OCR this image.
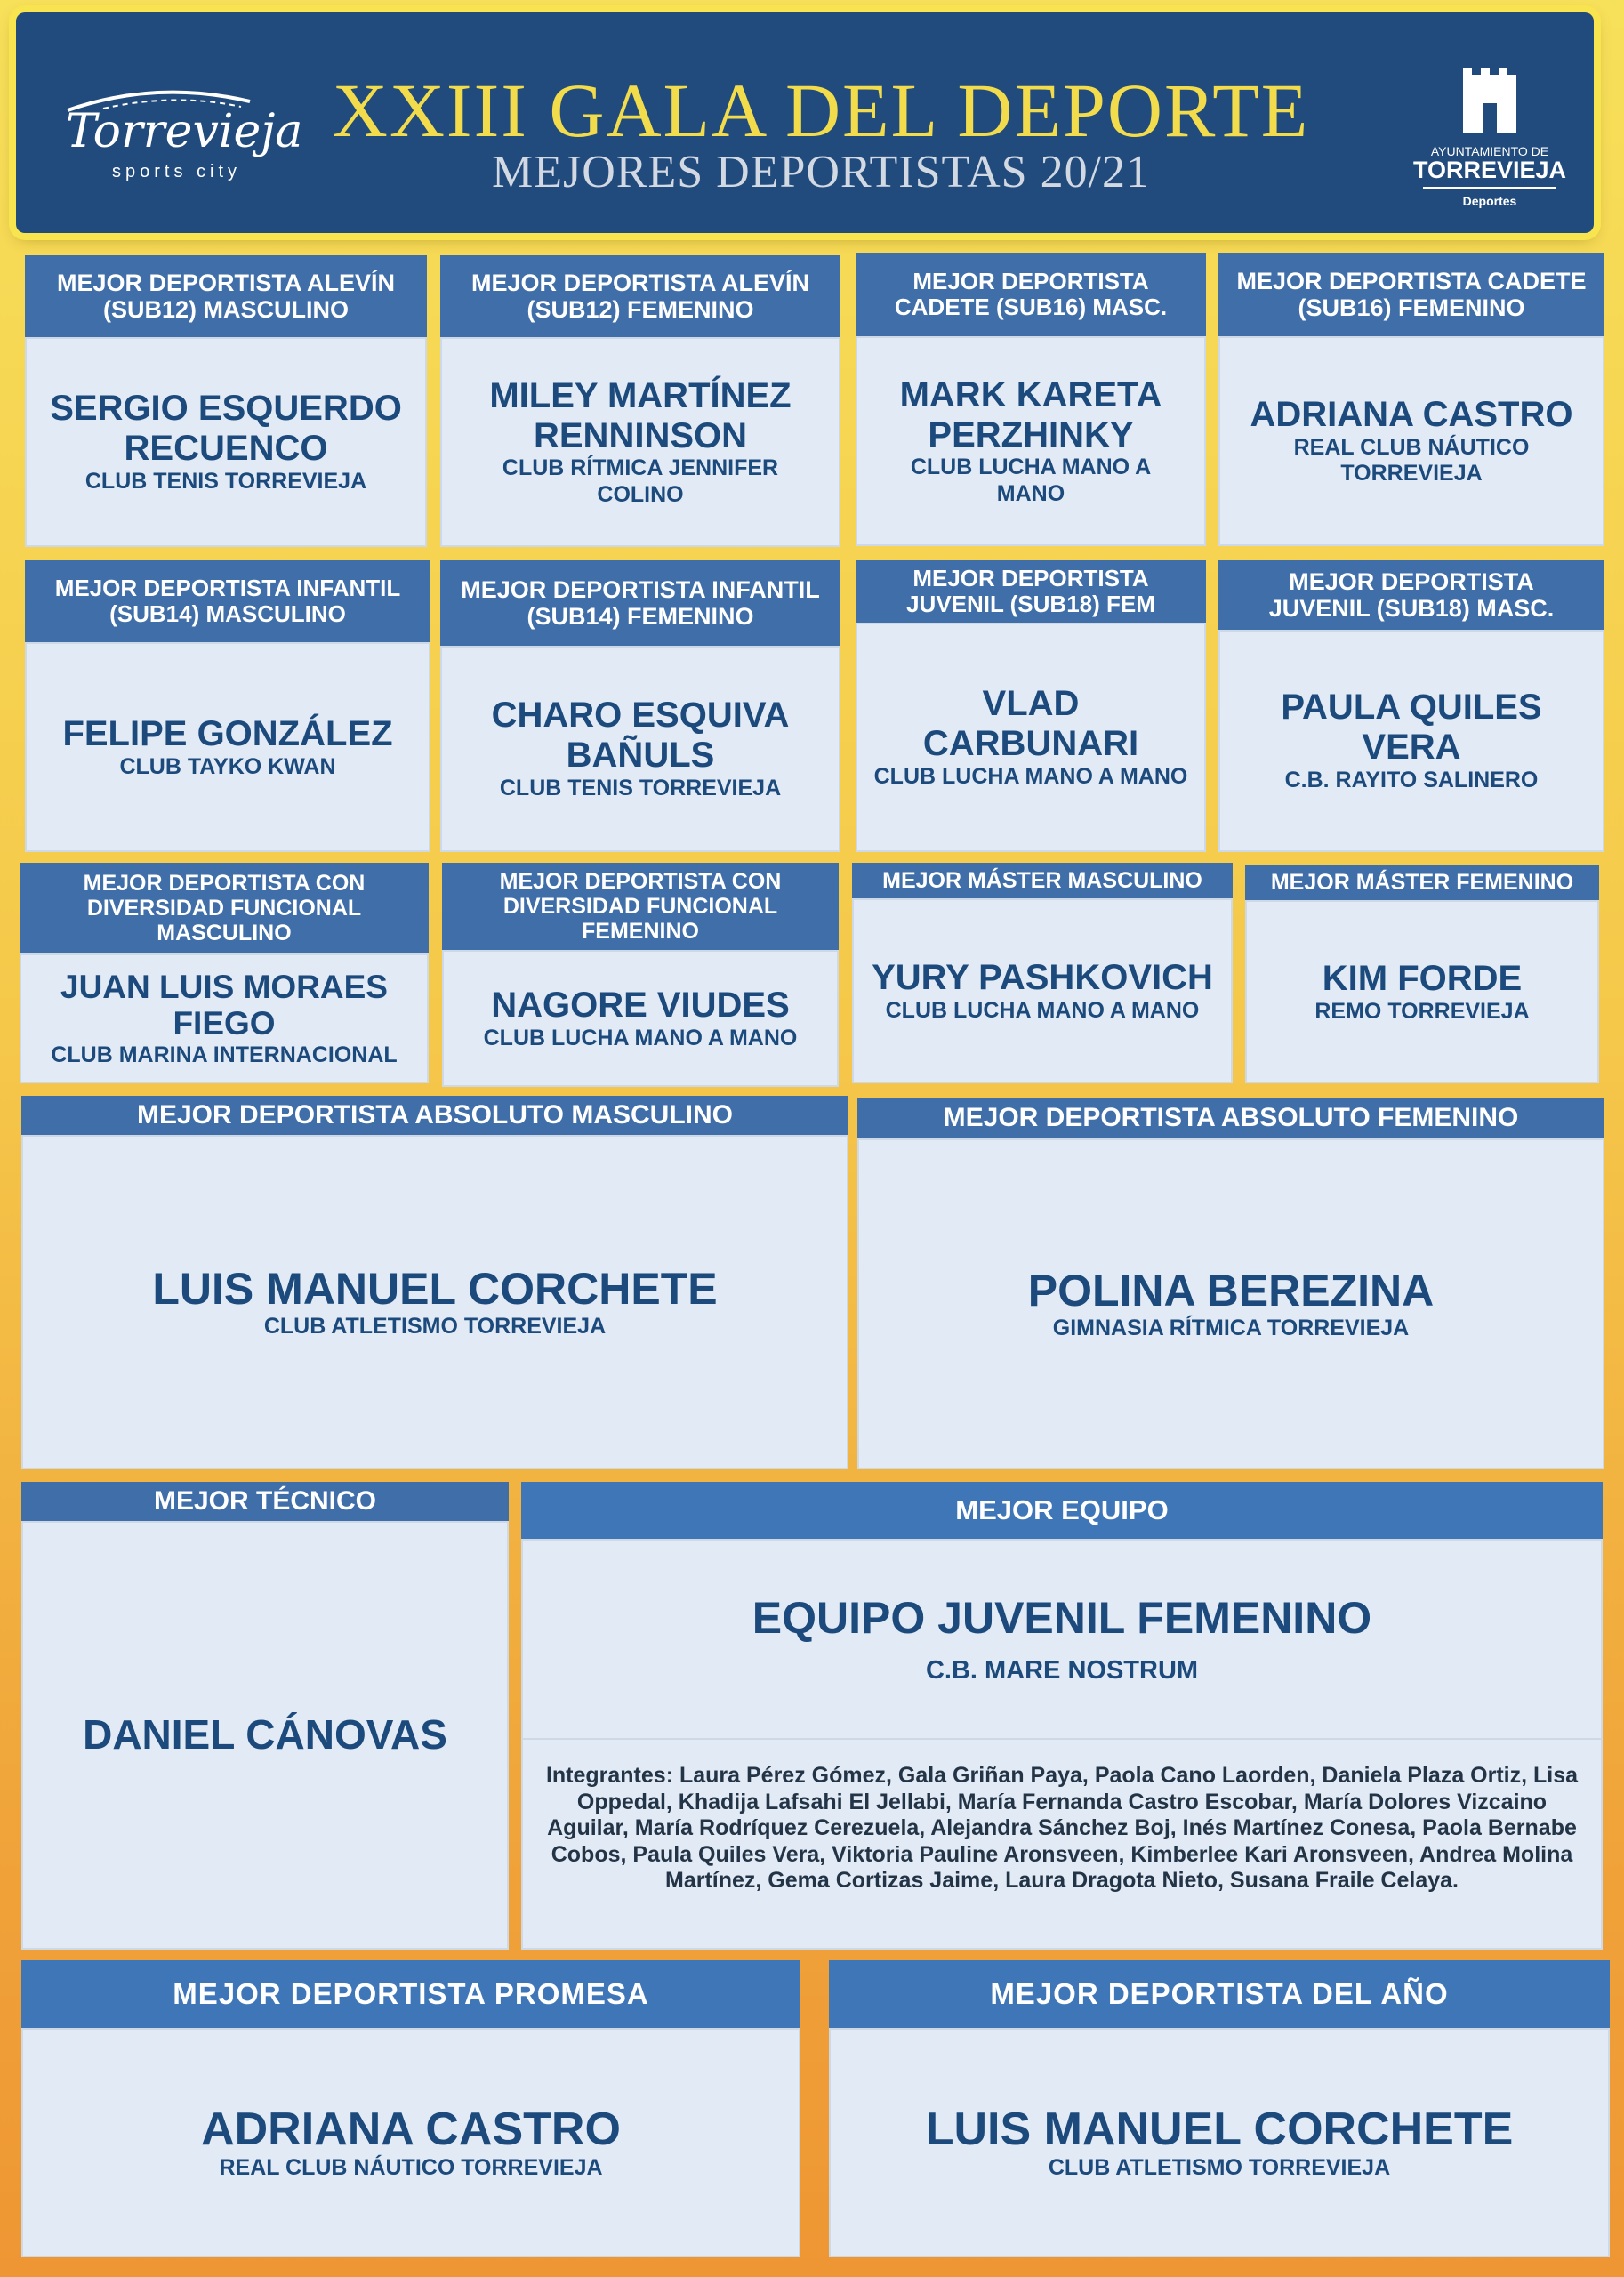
Torrevieja
sports city
XXIII GALA DEL DEPORTE
MEJORES DEPORTISTAS 20/21	AYUNTAMIENTO DE
TORREVIEJA
Deportes
MEJOR DEPORTISTA ALEVÍN (SUB12) MASCULINO
SERGIO ESQUERDO RECUENCO
CLUB TENIS TORREVIEJA
MEJOR DEPORTISTA ALEVÍN (SUB12) FEMENINO
MILEY MARTÍNEZ RENNINSON
CLUB RÍTMICA JENNIFER COLINO
MEJOR DEPORTISTA CADETE (SUB16) MASC.
MARK KARETA PERZHINKY
CLUB LUCHA MANO A MANO
MEJOR DEPORTISTA CADETE (SUB16) FEMENINO
ADRIANA CASTRO
REAL CLUB NÁUTICO TORREVIEJA
MEJOR DEPORTISTA INFANTIL (SUB14) MASCULINO
FELIPE GONZÁLEZ
CLUB TAYKO KWAN
MEJOR DEPORTISTA INFANTIL (SUB14) FEMENINO
CHARO ESQUIVA BAÑULS
CLUB TENIS TORREVIEJA
MEJOR DEPORTISTA JUVENIL (SUB18) FEM
VLAD CARBUNARI
CLUB LUCHA MANO A MANO
MEJOR DEPORTISTA JUVENIL (SUB18) MASC.
PAULA QUILES VERA
C.B. RAYITO SALINERO
MEJOR DEPORTISTA CON DIVERSIDAD FUNCIONAL MASCULINO
JUAN LUIS MORAES FIEGO
CLUB MARINA INTERNACIONAL
MEJOR DEPORTISTA CON DIVERSIDAD FUNCIONAL FEMENINO
NAGORE VIUDES
CLUB LUCHA MANO A MANO
MEJOR MÁSTER MASCULINO
YURY PASHKOVICH
CLUB LUCHA MANO A MANO
MEJOR MÁSTER FEMENINO
KIM FORDE
REMO TORREVIEJA
MEJOR DEPORTISTA ABSOLUTO MASCULINO
LUIS MANUEL CORCHETE
CLUB ATLETISMO TORREVIEJA
MEJOR DEPORTISTA ABSOLUTO FEMENINO
POLINA BEREZINA
GIMNASIA RÍTMICA TORREVIEJA
MEJOR TÉCNICO
DANIEL CÁNOVAS
MEJOR EQUIPO
EQUIPO JUVENIL FEMENINO
C.B. MARE NOSTRUM
Integrantes: Laura Pérez Gómez, Gala Griñan Paya, Paola Cano Laorden, Daniela Plaza Ortiz, Lisa Oppedal, Khadija Lafsahi El Jellabi, María Fernanda Castro Escobar, María Dolores Vizcaino Aguilar, María Rodríquez Cerezuela, Alejandra Sánchez Boj, Inés Martínez Conesa, Paola Bernabe Cobos, Paula Quiles Vera, Viktoria Pauline Aronsveen, Kimberlee Kari Aronsveen, Andrea Molina Martínez, Gema Cortizas Jaime, Laura Dragota Nieto, Susana Fraile Celaya.
MEJOR DEPORTISTA PROMESA
ADRIANA CASTRO
REAL CLUB NÁUTICO TORREVIEJA
MEJOR DEPORTISTA DEL AÑO
LUIS MANUEL CORCHETE
CLUB ATLETISMO TORREVIEJA
